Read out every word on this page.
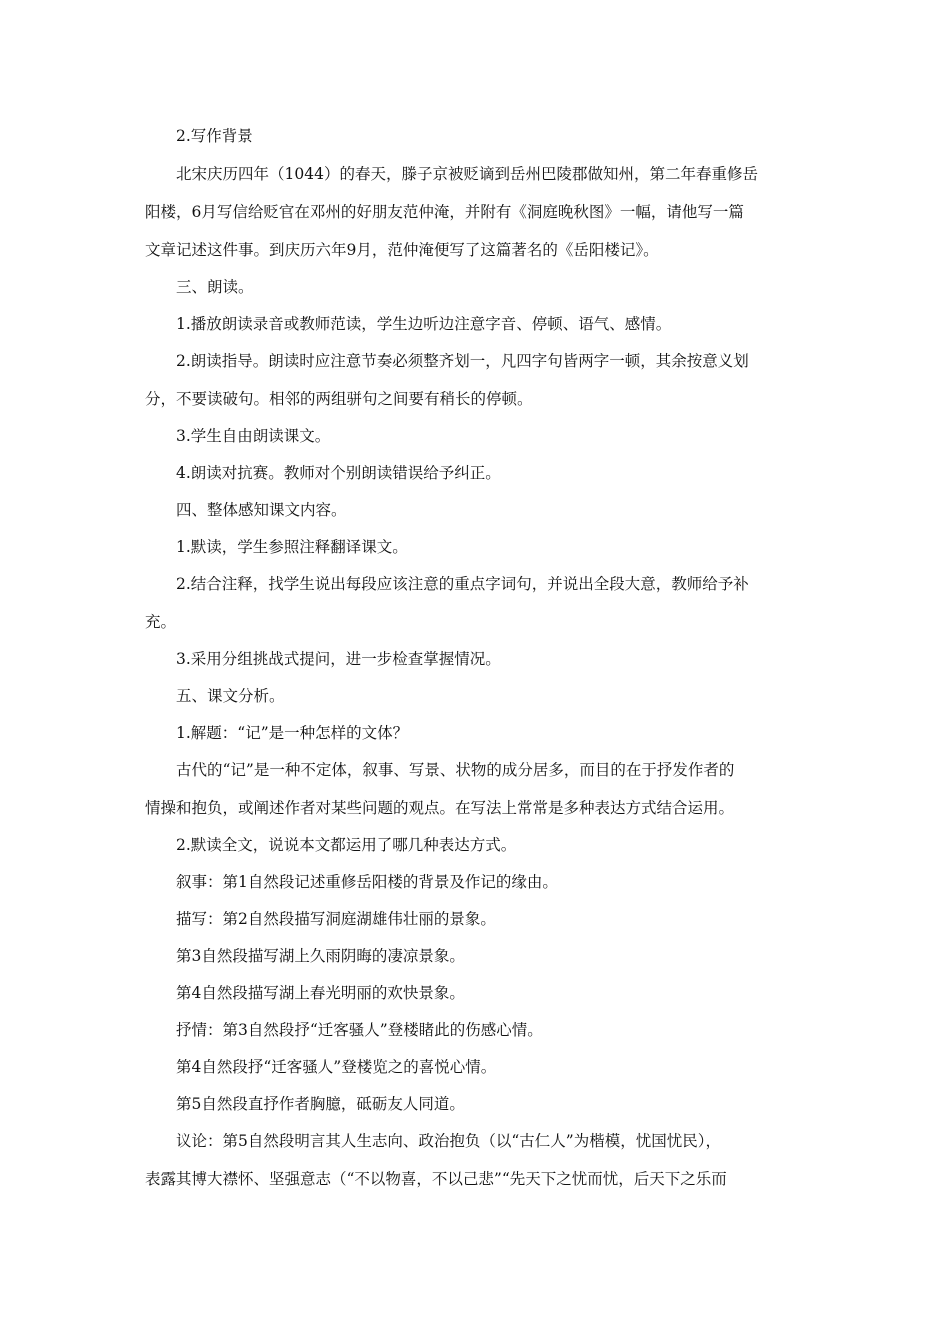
2.写作背景
北宋庆历四年（1044）的春天，滕子京被贬谪到岳州巴陵郡做知州，第二年春重修岳
阳楼，6月写信给贬官在邓州的好朋友范仲淹，并附有《洞庭晚秋图》一幅，请他写一篇
文章记述这件事。到庆历六年9月，范仲淹便写了这篇著名的《岳阳楼记》。
三、朗读。
1.播放朗读录音或教师范读，学生边听边注意字音、停顿、语气、感情。
2.朗读指导。朗读时应注意节奏必须整齐划一，凡四字句皆两字一顿，其余按意义划
分，不要读破句。相邻的两组骈句之间要有稍长的停顿。
3.学生自由朗读课文。
4.朗读对抗赛。教师对个别朗读错误给予纠正。
四、整体感知课文内容。
1.默读，学生参照注释翻译课文。
2.结合注释，找学生说出每段应该注意的重点字词句，并说出全段大意，教师给予补
充。
3.采用分组挑战式提问，进一步检查掌握情况。
五、课文分析。
1.解题：“记”是一种怎样的文体？
古代的“记”是一种不定体，叙事、写景、状物的成分居多，而目的在于抒发作者的
情操和抱负，或阐述作者对某些问题的观点。在写法上常常是多种表达方式结合运用。
2.默读全文，说说本文都运用了哪几种表达方式。
叙事：第1自然段记述重修岳阳楼的背景及作记的缘由。
描写：第2自然段描写洞庭湖雄伟壮丽的景象。
第3自然段描写湖上久雨阴晦的凄凉景象。
第4自然段描写湖上春光明丽的欢快景象。
抒情：第3自然段抒“迁客骚人”登楼睹此的伤感心情。
第4自然段抒“迁客骚人”登楼览之的喜悦心情。
第5自然段直抒作者胸臆，砥砺友人同道。
议论：第5自然段明言其人生志向、政治抱负（以“古仁人”为楷模，忧国忧民），
表露其博大襟怀、坚强意志（“不以物喜，不以己悲”“先天下之忧而忧，后天下之乐而
